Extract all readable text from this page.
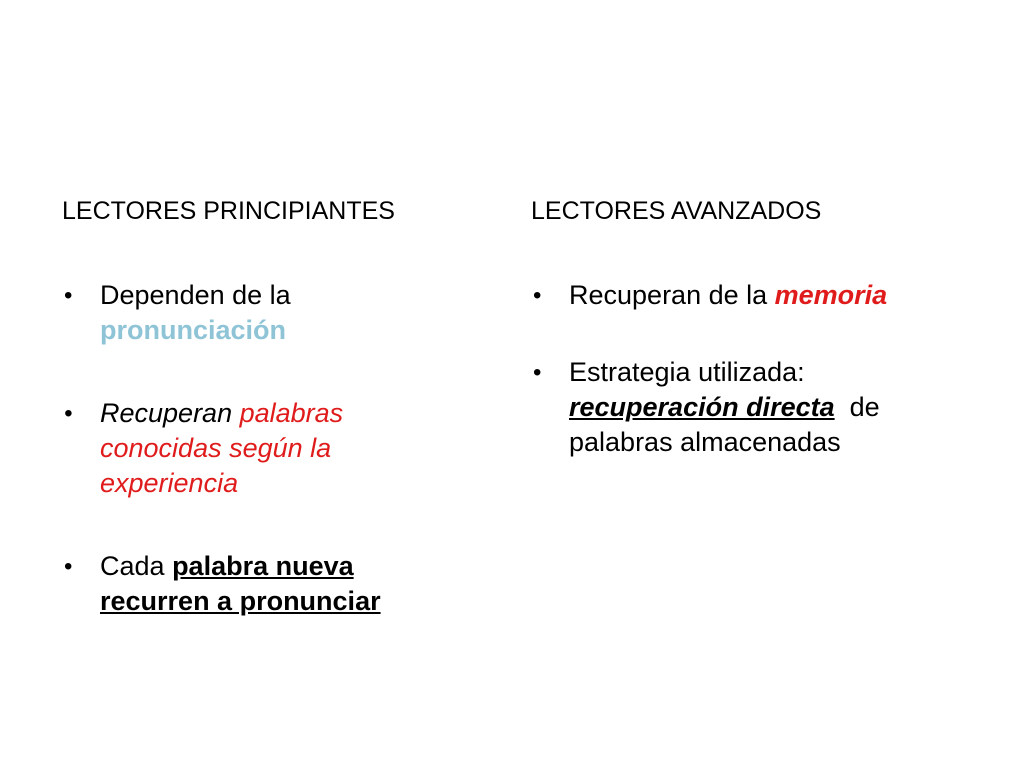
LECTORES PRINCIPIANTES

• Dependen de la pronunciación
• Recuperan palabras conocidas según la experiencia
• Cada palabra nueva recurren a pronunciar

LECTORES AVANZADOS

• Recuperan de la memoria
• Estrategia utilizada: recuperación directa  de palabras almacenadas
